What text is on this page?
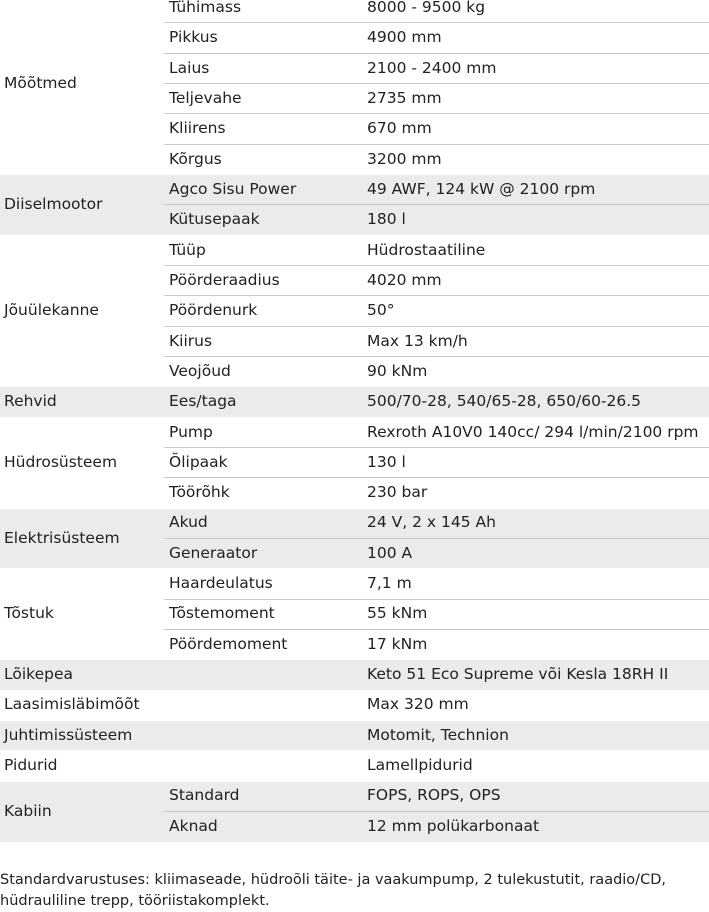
Mõõtmed	Tühimass	8000 - 9500 kg
	Pikkus	4900 mm
	Laius	2100 - 2400 mm
	Teljevahe	2735 mm
	Kliirens	670 mm
	Kõrgus	3200 mm
Diiselmootor	Agco Sisu Power	49 AWF, 124 kW @ 2100 rpm
	Kütusepaak	180 l
Jõuülekanne	Tüüp	Hüdrostaatiline
	Pöörderaadius	4020 mm
	Pöördenurk	50°
	Kiirus	Max 13 km/h
	Veojõud	90 kNm
Rehvid	Ees/taga	500/70-28, 540/65-28, 650/60-26.5
Hüdrosüsteem	Pump	Rexroth A10V0 140cc/ 294 l/min/2100 rpm
	Õlipaak	130 l
	Töörõhk	230 bar
Elektrisüsteem	Akud	24 V, 2 x 145 Ah
	Generaator	100 A
Tõstuk	Haardeulatus	7,1 m
	Tõstemoment	55 kNm
	Pöördemoment	17 kNm
Lõikepea		Keto 51 Eco Supreme või Kesla 18RH II
Laasimisläbimõõt		Max 320 mm
Juhtimissüsteem		Motomit, Technion
Pidurid		Lamellpidurid
Kabiin	Standard	FOPS, ROPS, OPS
	Aknad	12 mm polükarbonaat
Standardvarustuses: kliimaseade, hüdroõli täite- ja vaakumpump, 2 tulekustutit, raadio/CD,
hüdrauliline trepp, tööriistakomplekt.
